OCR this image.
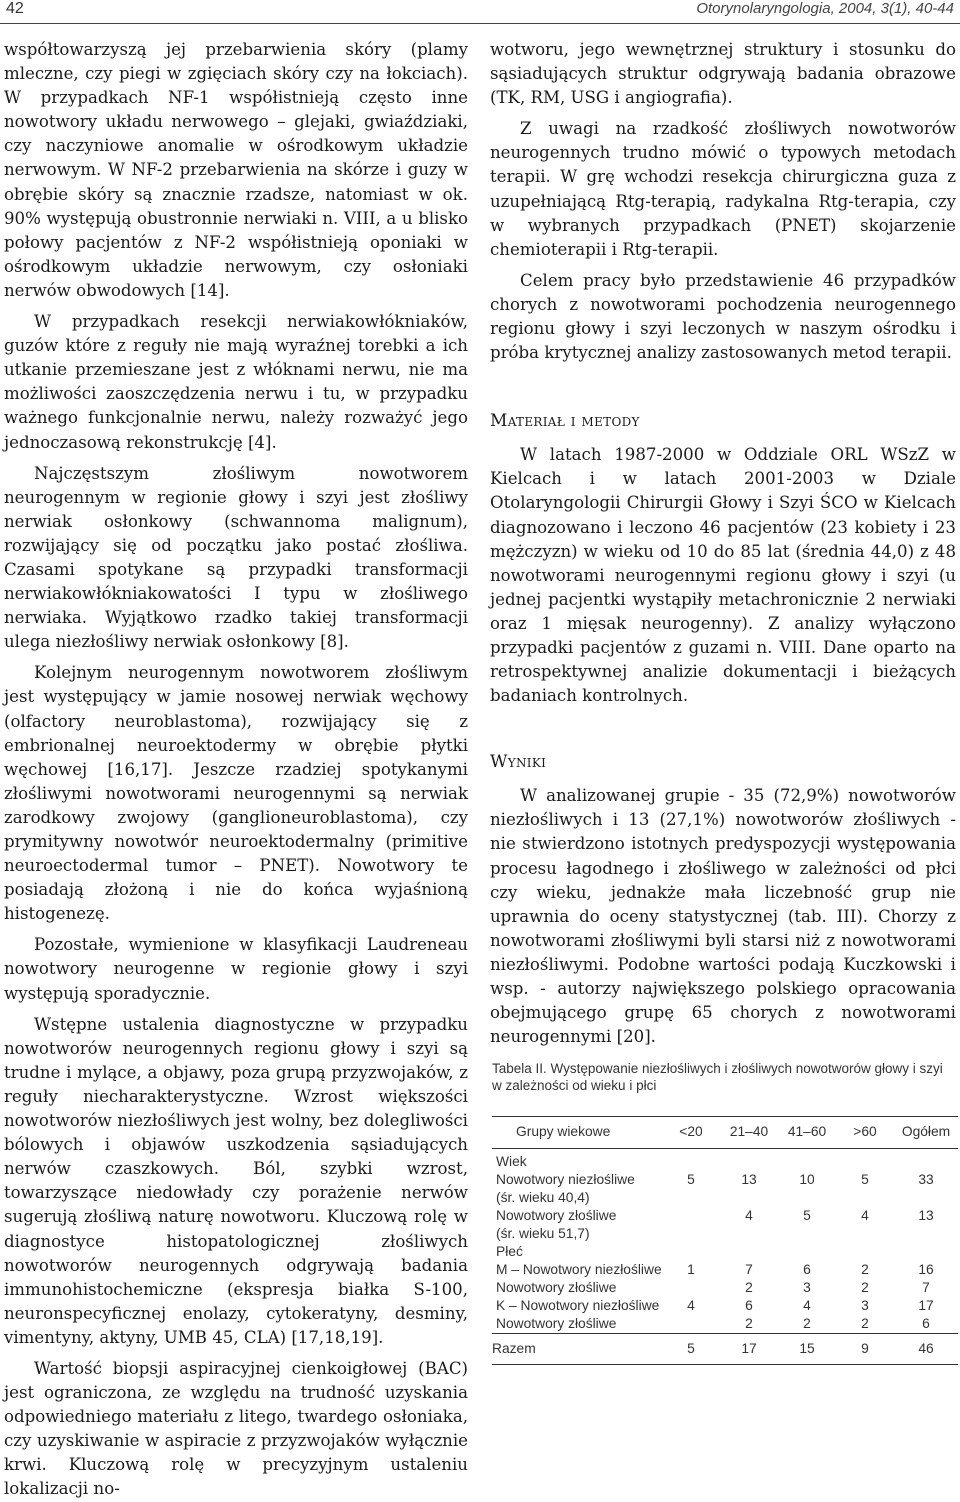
42	Otorynolaryngologia, 2004, 3(1), 40-44

współtowarzyszą jej przebarwienia skóry (plamy mleczne, czy piegi w zgięciach skóry czy na łokciach). W przypadkach NF-1 współistnieją często inne nowotwory układu nerwowego – glejaki, gwiaździaki, czy naczyniowe anomalie w ośrodkowym układzie nerwowym. W NF-2 przebarwienia na skórze i guzy w obrębie skóry są znacznie rzadsze, natomiast w ok. 90% występują obustronnie nerwiaki n. VIII, a u blisko połowy pacjentów z NF-2 współistnieją oponiaki w ośrodkowym układzie nerwowym, czy osłoniaki nerwów obwodowych [14].

W przypadkach resekcji nerwiakowłókniaków, guzów które z reguły nie mają wyraźnej torebki a ich utkanie przemieszane jest z włóknami nerwu, nie ma możliwości zaoszczędzenia nerwu i tu, w przypadku ważnego funkcjonalnie nerwu, należy rozważyć jego jednoczasową rekonstrukcję [4].

Najczęstszym złośliwym nowotworem neurogennym w regionie głowy i szyi jest złośliwy nerwiak osłonkowy (schwannoma malignum), rozwijający się od początku jako postać złośliwa. Czasami spotykane są przypadki transformacji nerwiakowłókniakowatości I typu w złośliwego nerwiaka. Wyjątkowo rzadko takiej transformacji ulega niezłośliwy nerwiak osłonkowy [8].

Kolejnym neurogennym nowotworem złośliwym jest występujący w jamie nosowej nerwiak węchowy (olfactory neuroblastoma), rozwijający się z embrionalnej neuroektodermy w obrębie płytki węchowej [16,17]. Jeszcze rzadziej spotykanymi złośliwymi nowotworami neurogennymi są nerwiak zarodkowy zwojowy (ganglioneuroblastoma), czy prymitywny nowotwór neuroektodermalny (primitive neuroectodermal tumor – PNET). Nowotwory te posiadają złożoną i nie do końca wyjaśnioną histogenezę.

Pozostałe, wymienione w klasyfikacji Laudreneau nowotwory neurogenne w regionie głowy i szyi występują sporadycznie.

Wstępne ustalenia diagnostyczne w przypadku nowotworów neurogennych regionu głowy i szyi są trudne i mylące, a objawy, poza grupą przyzwojaków, z reguły niecharakterystyczne. Wzrost większości nowotworów niezłośliwych jest wolny, bez dolegliwości bólowych i objawów uszkodzenia sąsiadujących nerwów czaszkowych. Ból, szybki wzrost, towarzyszące niedowłady czy porażenie nerwów sugerują złośliwą naturę nowotworu. Kluczową rolę w diagnostyce histopatologicznej złośliwych nowotworów neurogennych odgrywają badania immunohistochemiczne (ekspresja białka S-100, neuronspecyficznej enolazy, cytokeratyny, desminy, vimentyny, aktyny, UMB 45, CLA) [17,18,19].

Wartość biopsji aspiracyjnej cienkoigłowej (BAC) jest ograniczona, ze względu na trudność uzyskania odpowiedniego materiału z litego, twardego osłoniaka, czy uzyskiwanie w aspiracie z przyzwojaków wyłącznie krwi. Kluczową rolę w precyzyjnym ustaleniu lokalizacji no-

wotworu, jego wewnętrznej struktury i stosunku do sąsiadujących struktur odgrywają badania obrazowe (TK, RM, USG i angiografia).

Z uwagi na rzadkość złośliwych nowotworów neurogennych trudno mówić o typowych metodach terapii. W grę wchodzi resekcja chirurgiczna guza z uzupełniającą Rtg-terapią, radykalna Rtg-terapia, czy w wybranych przypadkach (PNET) skojarzenie chemioterapii i Rtg-terapii.

Celem pracy było przedstawienie 46 przypadków chorych z nowotworami pochodzenia neurogennego regionu głowy i szyi leczonych w naszym ośrodku i próba krytycznej analizy zastosowanych metod terapii.

Materiał i metody

W latach 1987-2000 w Oddziale ORL WSzZ w Kielcach i w latach 2001-2003 w Dziale Otolaryngologii Chirurgii Głowy i Szyi ŚCO w Kielcach diagnozowano i leczono 46 pacjentów (23 kobiety i 23 mężczyzn) w wieku od 10 do 85 lat (średnia 44,0) z 48 nowotworami neurogennymi regionu głowy i szyi (u jednej pacjentki wystąpiły metachronicznie 2 nerwiaki oraz 1 mięsak neurogenny). Z analizy wyłączono przypadki pacjentów z guzami n. VIII. Dane oparto na retrospektywnej analizie dokumentacji i bieżących badaniach kontrolnych.

Wyniki

W analizowanej grupie - 35 (72,9%) nowotworów niezłośliwych i 13 (27,1%) nowotworów złośliwych - nie stwierdzono istotnych predyspozycji występowania procesu łagodnego i złośliwego w zależności od płci czy wieku, jednakże mała liczebność grup nie uprawnia do oceny statystycznej (tab. III). Chorzy z nowotworami złośliwymi byli starsi niż z nowotworami niezłośliwymi. Podobne wartości podają Kuczkowski i wsp. - autorzy największego polskiego opracowania obejmującego grupę 65 chorych z nowotworami neurogennymi [20].

Tabela II. Występowanie niezłośliwych i złośliwych nowotworów głowy i szyi
w zależności od wieku i płci
Grupy wiekowe	<20	21–40	41–60	>60	Ogółem
Wiek					
Nowotwory niezłośliwe	5	13	10	5	33
(śr. wieku 40,4)					
Nowotwory złośliwe		4	5	4	13
(śr. wieku 51,7)					
Płeć					
M – Nowotwory niezłośliwe	1	7	6	2	16
Nowotwory złośliwe		2	3	2	7
K – Nowotwory niezłośliwe	4	6	4	3	17
Nowotwory złośliwe		2	2	2	6
Razem	5	17	15	9	46
